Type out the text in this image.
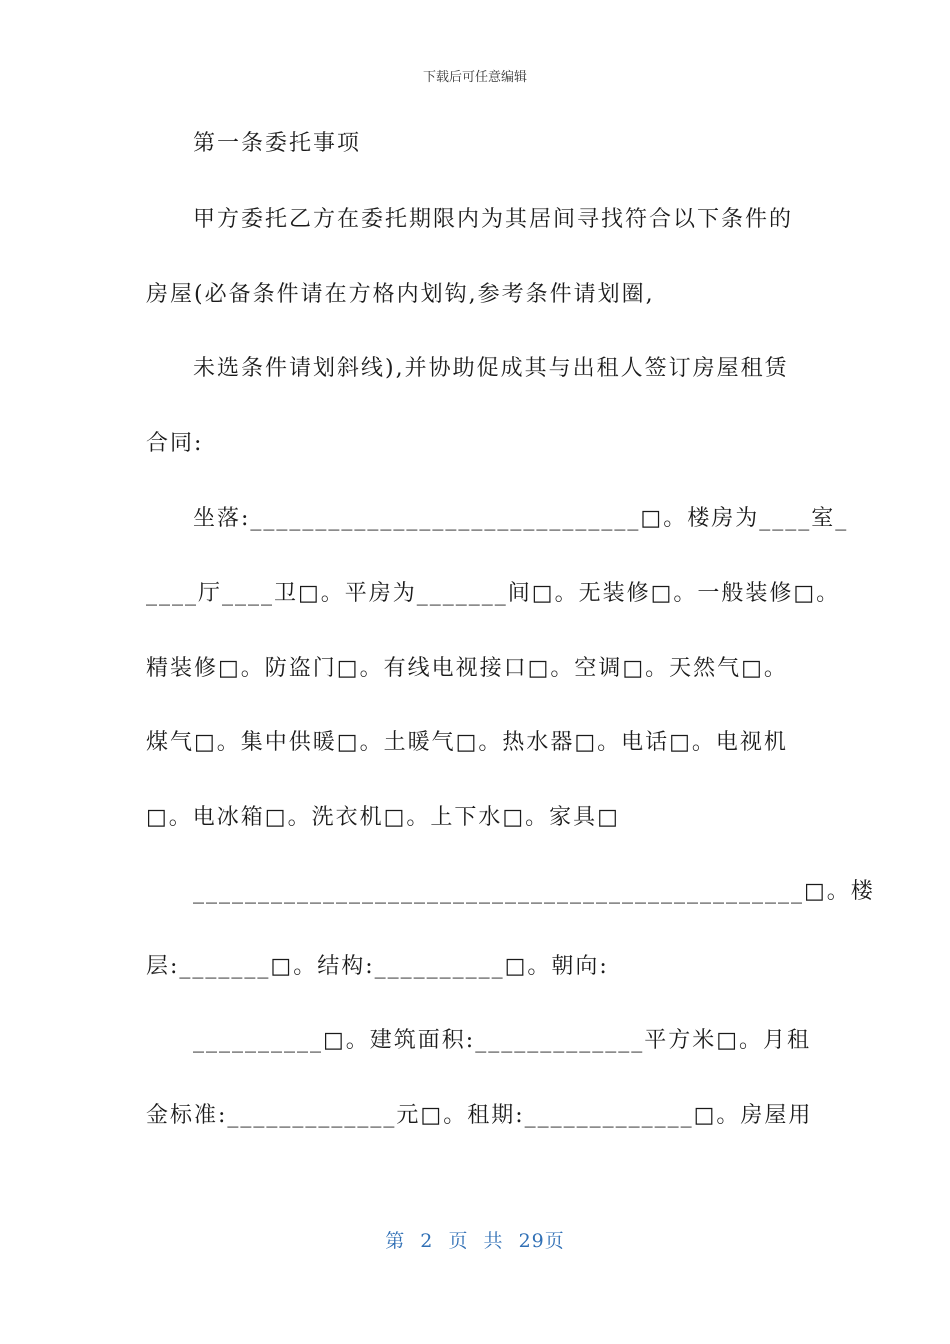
下载后可任意编辑
第一条委托事项
甲方委托乙方在委托期限内为其居间寻找符合以下条件的
房屋(必备条件请在方格内划钩,参考条件请划圈,
未选条件请划斜线),并协助促成其与出租人签订房屋租赁
合同:
坐落:______________________________□。楼房为____室_
____厅____卫□。平房为_______间□。无装修□。一般装修□。
精装修□。防盗门□。有线电视接口□。空调□。天然气□。
煤气□。集中供暖□。土暖气□。热水器□。电话□。电视机
□。电冰箱□。洗衣机□。上下水□。家具□
_______________________________________________□。楼
层:_______□。结构:__________□。朝向:
__________□。建筑面积:_____________平方米□。月租
金标准:_____________元□。租期:_____________□。房屋用
第 2 页 共 29页
